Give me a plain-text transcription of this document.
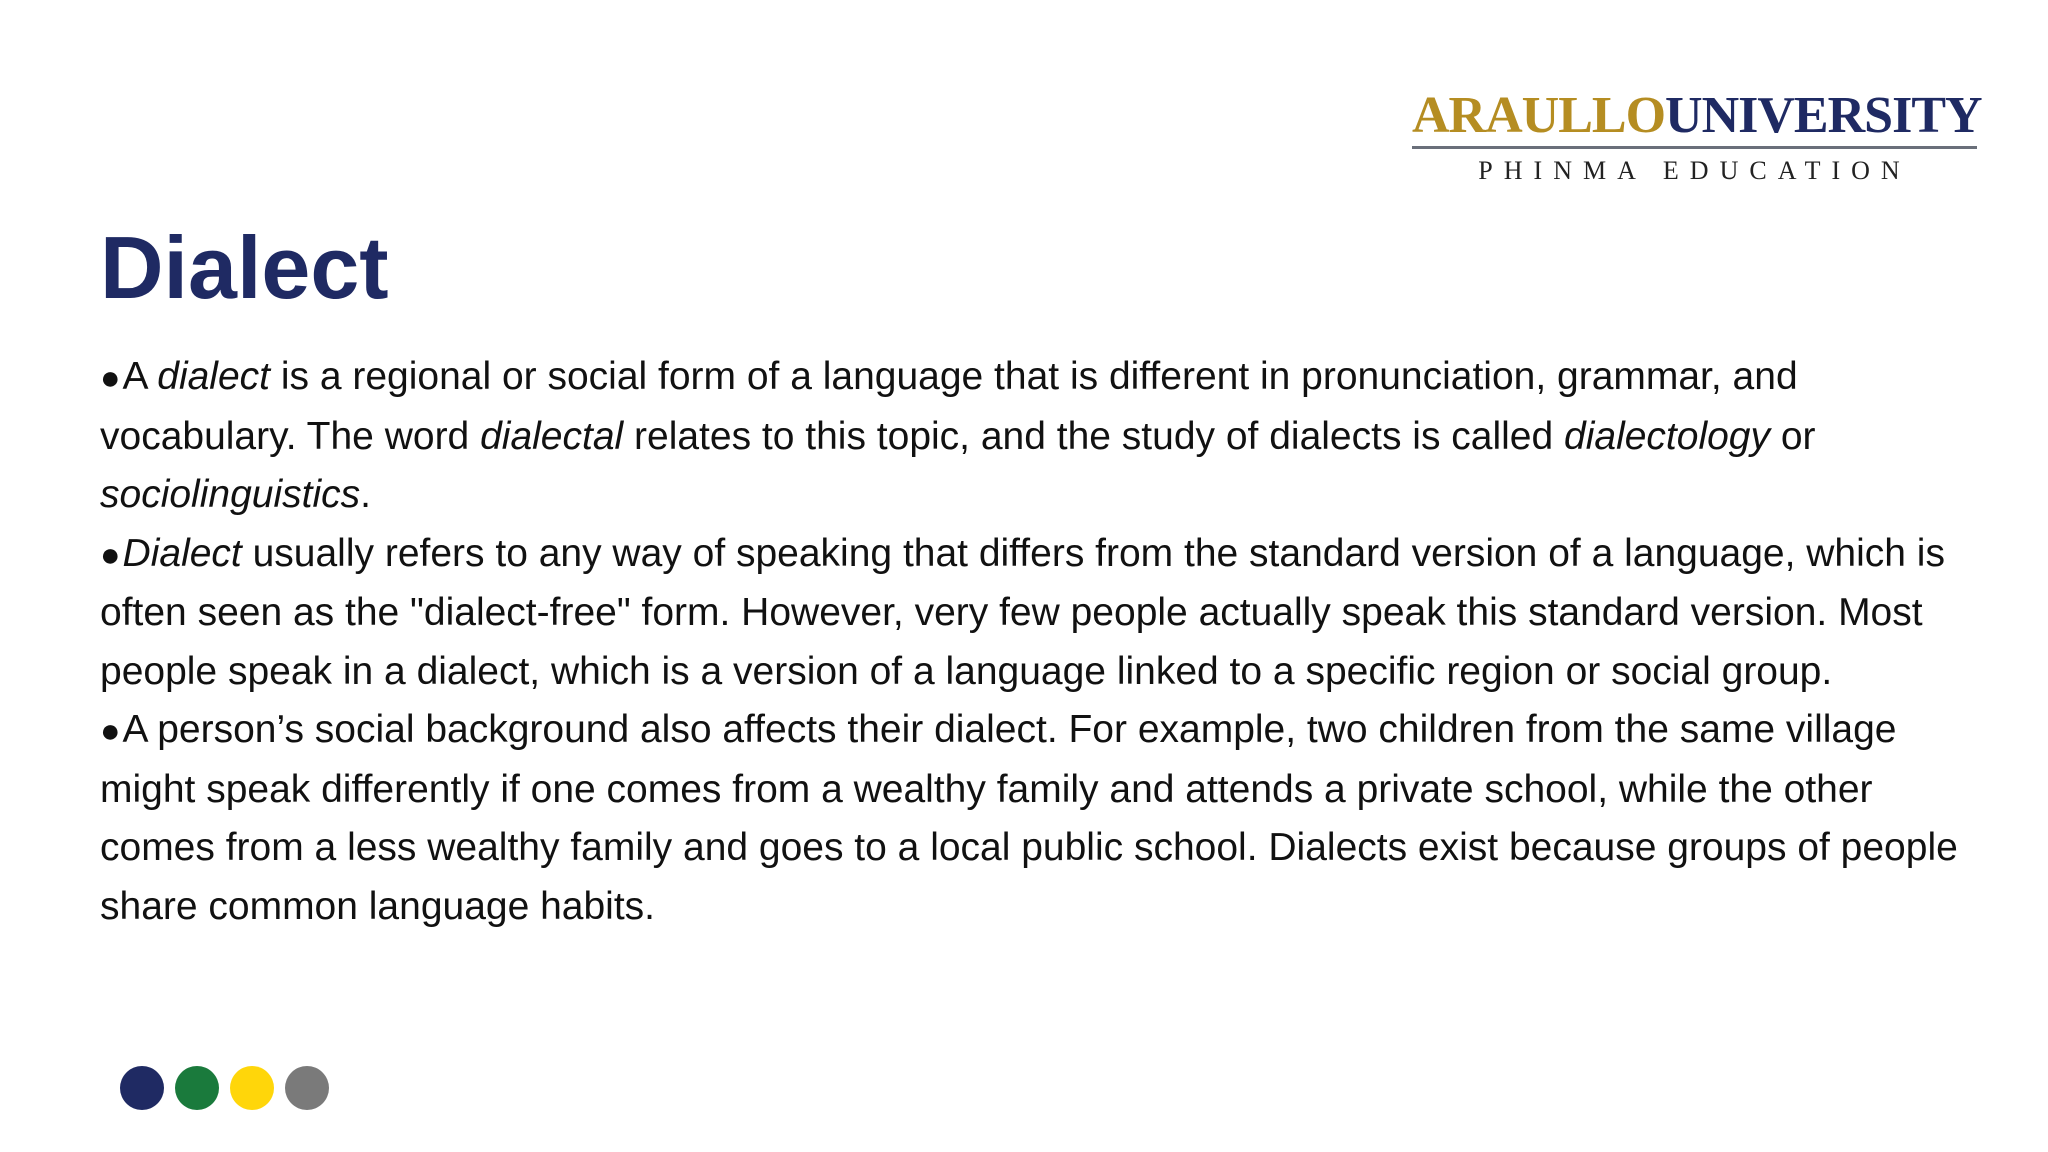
ARAULLOUNIVERSITY
PHINMA EDUCATION
Dialect

●A dialect is a regional or social form of a language that is different in pronunciation, grammar, and vocabulary. The word dialectal relates to this topic, and the study of dialects is called dialectology or sociolinguistics.

●Dialect usually refers to any way of speaking that differs from the standard version of a language, which is often seen as the "dialect-free" form. However, very few people actually speak this standard version. Most people speak in a dialect, which is a version of a language linked to a specific region or social group.

●A person’s social background also affects their dialect. For example, two children from the same village might speak differently if one comes from a wealthy family and attends a private school, while the other comes from a less wealthy family and goes to a local public school. Dialects exist because groups of people share common language habits.
